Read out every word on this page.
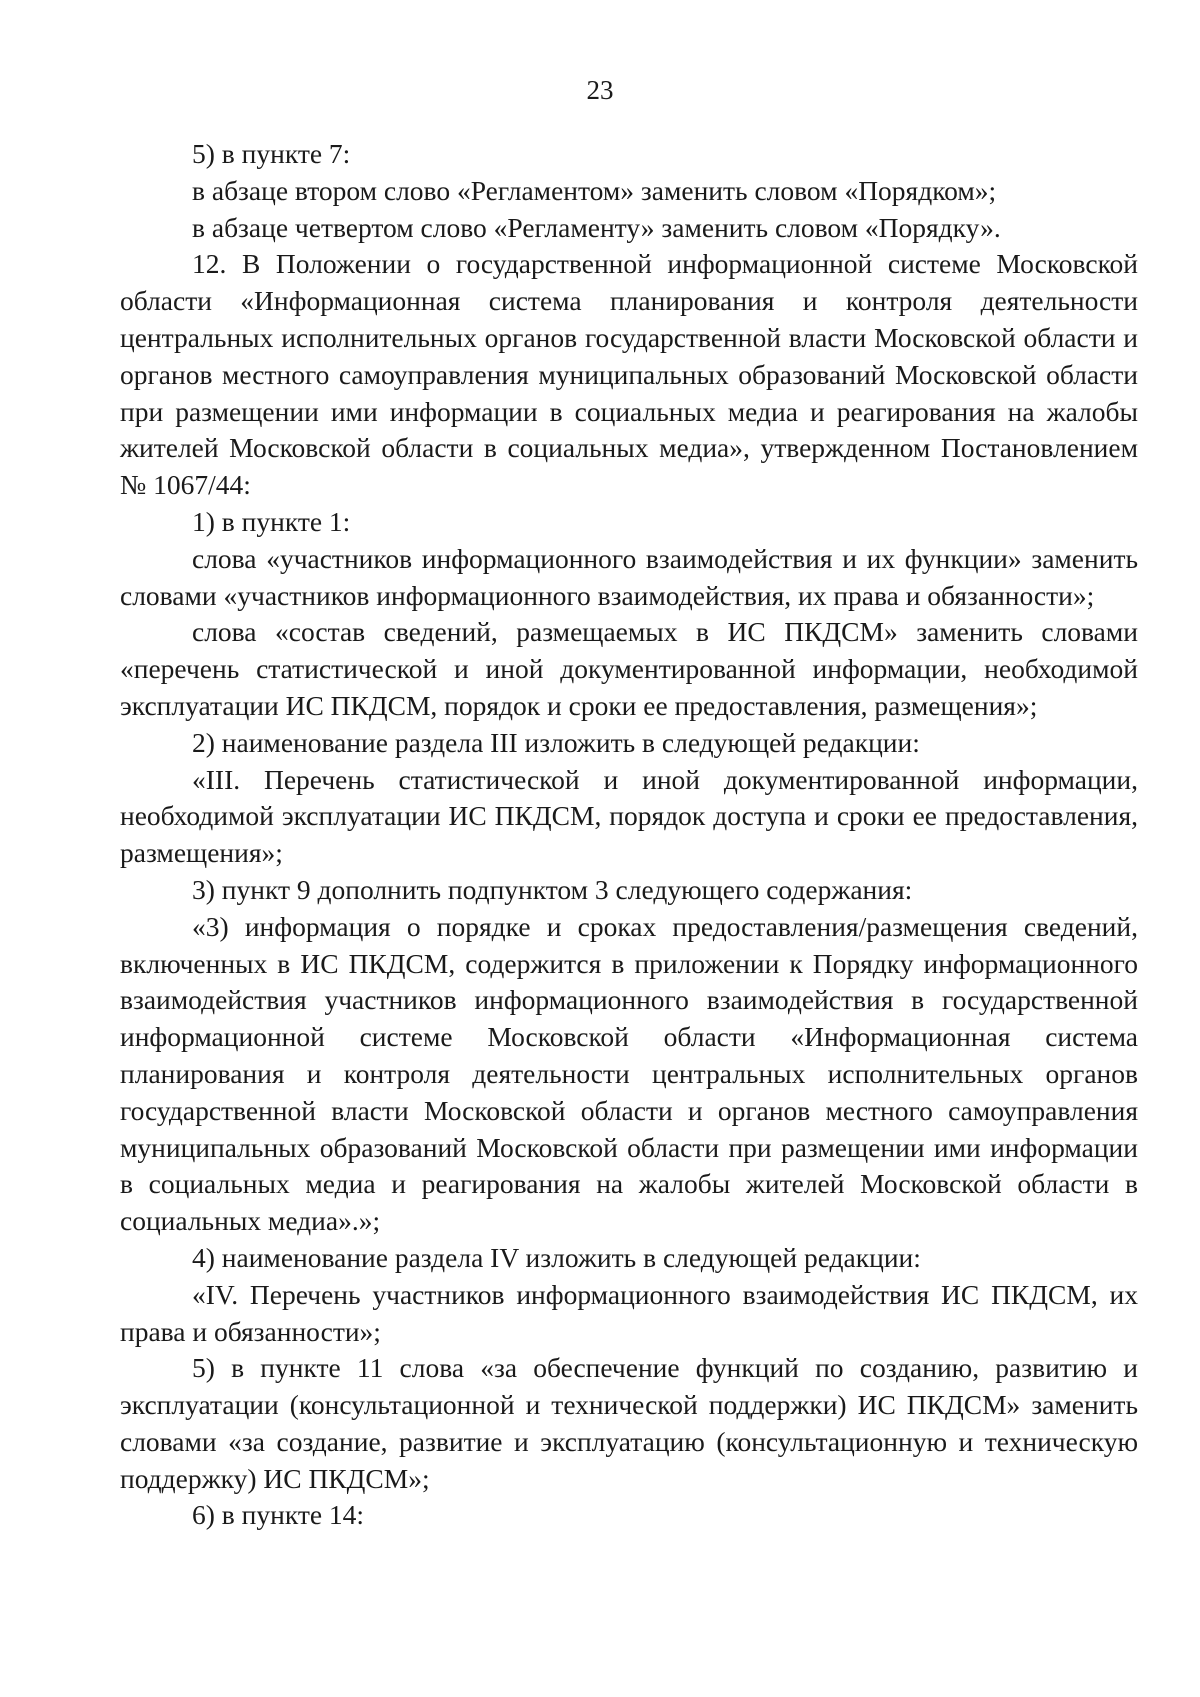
23

5) в пункте 7:

в абзаце втором слово «Регламентом» заменить словом «Порядком»;

в абзаце четвертом слово «Регламенту» заменить словом «Порядку».

12. В Положении о государственной информационной системе Московской области «Информационная система планирования и контроля деятельности центральных исполнительных органов государственной власти Московской области и органов местного самоуправления муниципальных образований Московской области при размещении ими информации в социальных медиа и реагирования на жалобы жителей Московской области в социальных медиа», утвержденном Постановлением № 1067/44:

1) в пункте 1:

слова «участников информационного взаимодействия и их функции» заменить словами «участников информационного взаимодействия, их права и обязанности»;

слова «состав сведений, размещаемых в ИС ПКДСМ» заменить словами «перечень статистической и иной документированной информации, необходимой эксплуатации ИС ПКДСМ, порядок и сроки ее предоставления, размещения»;

2) наименование раздела III изложить в следующей редакции:

«III. Перечень статистической и иной документированной информации, необходимой эксплуатации ИС ПКДСМ, порядок доступа и сроки ее предоставления, размещения»;

3) пункт 9 дополнить подпунктом 3 следующего содержания:

«3) информация о порядке и сроках предоставления/размещения сведений, включенных в ИС ПКДСМ, содержится в приложении к Порядку информационного взаимодействия участников информационного взаимодействия в государственной информационной системе Московской области «Информационная система планирования и контроля деятельности центральных исполнительных органов государственной власти Московской области и органов местного самоуправления муниципальных образований Московской области при размещении ими информации в социальных медиа и реагирования на жалобы жителей Московской области в социальных медиа».»;

4) наименование раздела IV изложить в следующей редакции:

«IV. Перечень участников информационного взаимодействия ИС ПКДСМ, их права и обязанности»;

5) в пункте 11 слова «за обеспечение функций по созданию, развитию и эксплуатации (консультационной и технической поддержки) ИС ПКДСМ» заменить словами «за создание, развитие и эксплуатацию (консультационную и техническую поддержку) ИС ПКДСМ»;

6) в пункте 14:
